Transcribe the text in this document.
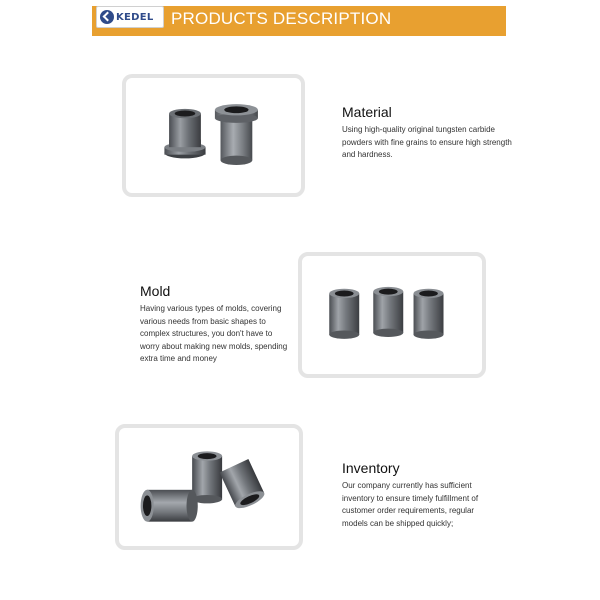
KEDEL PRODUCTS DESCRIPTION
Material

Using high-quality original tungsten carbide powders with fine grains to ensure high strength and hardness.

Mold

Having various types of molds, covering various needs from basic shapes to complex structures, you don't have to worry about making new molds, spending extra time and money

Inventory

Our company currently has sufficient inventory to ensure timely fulfillment of customer order requirements, regular models can be shipped quickly;
